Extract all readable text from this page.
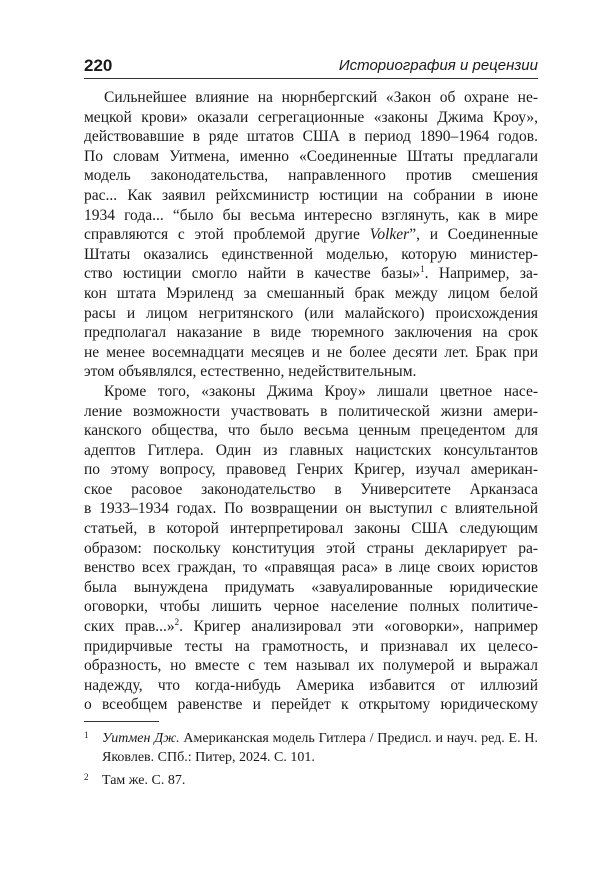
220	Историография и рецензии
Сильнейшее влияние на нюрнбергский «Закон об охране не-
мецкой крови» оказали сегрегационные «законы Джима Кроу»,
действовавшие в ряде штатов США в период 1890–1964 годов.
По словам Уитмена, именно «Соединенные Штаты предлагали
модель законодательства, направленного против смешения
рас... Как заявил рейхсминистр юстиции на собрании в июне
1934 года... “было бы весьма интересно взглянуть, как в мире
справляются с этой проблемой другие Volker”, и Соединенные
Штаты оказались единственной моделью, которую министер-
ство юстиции смогло найти в качестве базы»$^1$. Например, за-
кон штата Мэриленд за смешанный брак между лицом белой
расы и лицом негритянского (или малайского) происхождения
предполагал наказание в виде тюремного заключения на срок
не менее восемнадцати месяцев и не более десяти лет. Брак при
этом объявлялся, естественно, недействительным.
Кроме того, «законы Джима Кроу» лишали цветное насе-
ление возможности участвовать в политической жизни амери-
канского общества, что было весьма ценным прецедентом для
адептов Гитлера. Один из главных нацистских консультантов
по этому вопросу, правовед Генрих Кригер, изучал американ-
ское расовое законодательство в Университете Арканзаса
в 1933–1934 годах. По возвращении он выступил с влиятельной
статьей, в которой интерпретировал законы США следующим
образом: поскольку конституция этой страны декларирует ра-
венство всех граждан, то «правящая раса» в лице своих юристов
была вынуждена придумать «завуалированные юридические
оговорки, чтобы лишить черное население полных политиче-
ских прав...»$^2$. Кригер анализировал эти «оговорки», например
придирчивые тесты на грамотность, и признавал их целесо-
образность, но вместе с тем называл их полумерой и выражал
надежду, что когда-нибудь Америка избавится от иллюзий
о всеобщем равенстве и перейдет к открытому юридическому
1 Уитмен Дж. Американская модель Гитлера / Предисл. и науч. ред. Е. Н. Яковлев. СПб.: Питер, 2024. С. 101.
2 Там же. С. 87.
